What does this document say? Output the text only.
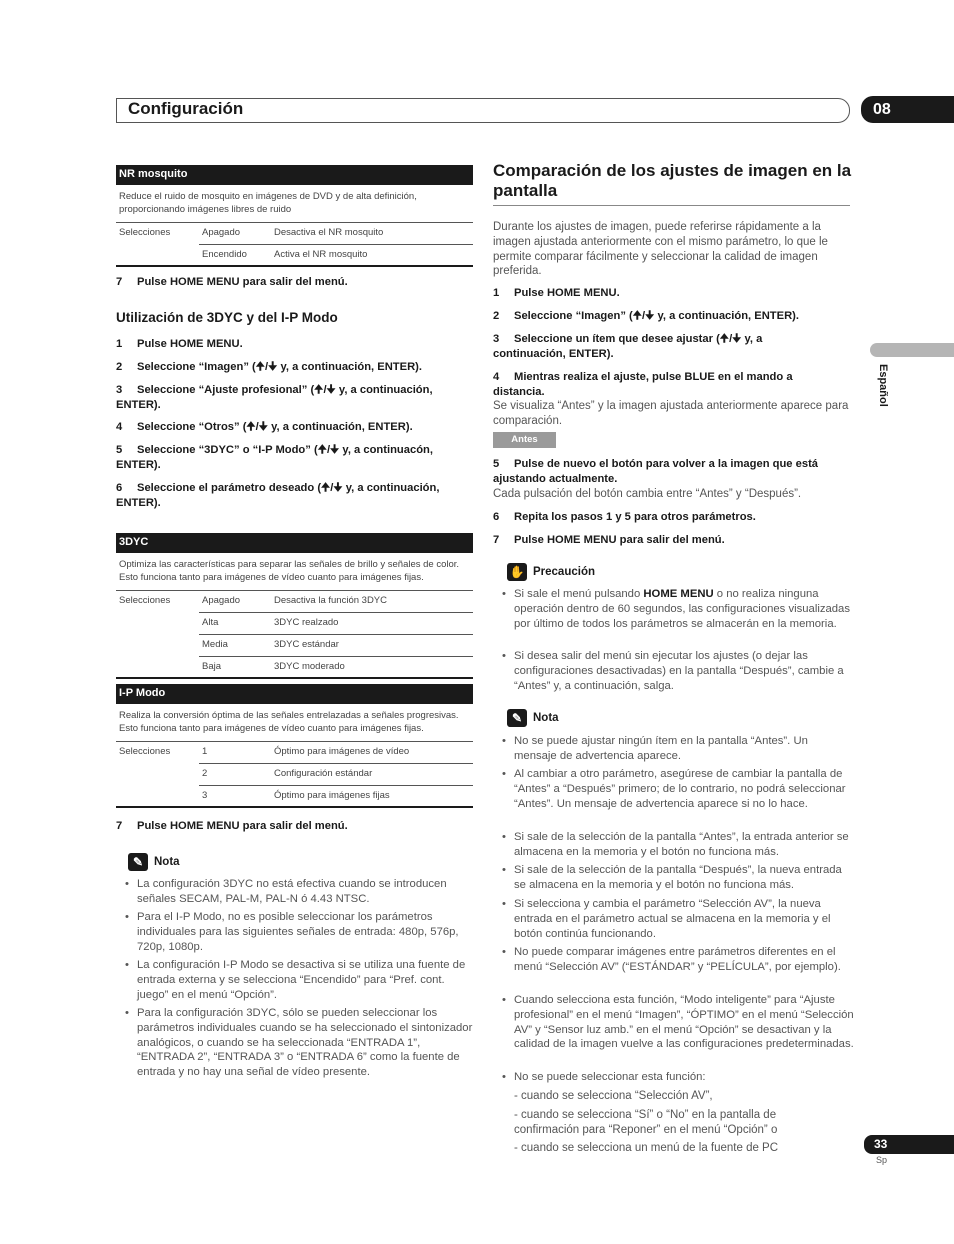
Configuración	08
Español
NR mosquito
Reduce el ruido de mosquito en imágenes de DVD y de alta definición, proporcionando imágenes libres de ruido
Selecciones	Apagado	Desactiva el NR mosquito
Encendido	Activa el NR mosquito
7 Pulse HOME MENU para salir del menú.
Utilización de 3DYC y del I-P Modo
1 Pulse HOME MENU.
2 Seleccione “Imagen” (🠉/🠋 y, a continuación, ENTER).
3 Seleccione “Ajuste profesional” (🠉/🠋 y, a continuación, ENTER).
4 Seleccione “Otros” (🠉/🠋 y, a continuación, ENTER).
5 Seleccione “3DYC” o “I-P Modo” (🠉/🠋 y, a continuacón, ENTER).
6 Seleccione el parámetro deseado (🠉/🠋 y, a continuación, ENTER).
3DYC
Optimiza las características para separar las señales de brillo y señales de color. Esto funciona tanto para imágenes de vídeo cuanto para imágenes fijas.
Selecciones	Apagado	Desactiva la función 3DYC
Alta	3DYC realzado
Media	3DYC estándar
Baja	3DYC moderado
I-P Modo
Realiza la conversión óptima de las señales entrelazadas a señales progresivas. Esto funciona tanto para imágenes de vídeo cuanto para imágenes fijas.
Selecciones	1	Óptimo para imágenes de vídeo
2	Configuración estándar
3	Óptimo para imágenes fijas
7 Pulse HOME MENU para salir del menú.
✎ Nota
• La configuración 3DYC no está efectiva cuando se introducen señales SECAM, PAL-M, PAL-N ó 4.43 NTSC.
• Para el I-P Modo, no es posible seleccionar los parámetros individuales para las siguientes señales de entrada: 480p, 576p, 720p, 1080p.
• La configuración I-P Modo se desactiva si se utiliza una fuente de entrada externa y se selecciona “Encendido” para “Pref. cont. juego” en el menú “Opción”.
• Para la configuración 3DYC, sólo se pueden seleccionar los parámetros individuales cuando se ha seleccionado el sintonizador analógicos, o cuando se ha seleccionada “ENTRADA 1”, “ENTRADA 2”, “ENTRADA 3” o “ENTRADA 6” como la fuente de entrada y no hay una señal de vídeo presente.
Comparación de los ajustes de imagen en la pantalla
Durante los ajustes de imagen, puede referirse rápidamente a la imagen ajustada anteriormente con el mismo parámetro, lo que le permite comparar fácilmente y seleccionar la calidad de imagen preferida.
1 Pulse HOME MENU.
2 Seleccione “Imagen” (🠉/🠋 y, a continuación, ENTER).
3 Seleccione un ítem que desee ajustar (🠉/🠋 y, a continuación, ENTER).
4 Mientras realiza el ajuste, pulse BLUE en el mando a distancia.
Se visualiza “Antes” y la imagen ajustada anteriormente aparece para comparación.
Antes
5 Pulse de nuevo el botón para volver a la imagen que está ajustando actualmente.
Cada pulsación del botón cambia entre “Antes” y “Después”.
6 Repita los pasos 1 y 5 para otros parámetros.
7 Pulse HOME MENU para salir del menú.
✋ Precaución
• Si sale el menú pulsando HOME MENU o no realiza ninguna operación dentro de 60 segundos, las configuraciones visualizadas por último de todos los parámetros se almacerán en la memoria.
• Si desea salir del menú sin ejecutar los ajustes (o dejar las configuraciones desactivadas) en la pantalla “Después”, cambie a “Antes” y, a continuación, salga.
✎ Nota
• No se puede ajustar ningún ítem en la pantalla “Antes”. Un mensaje de advertencia aparece.
• Al cambiar a otro parámetro, asegúrese de cambiar la pantalla de “Antes” a “Después” primero; de lo contrario, no podrá seleccionar “Antes”. Un mensaje de advertencia aparece si no lo hace.
• Si sale de la selección de la pantalla “Antes”, la entrada anterior se almacena en la memoria y el botón no funciona más.
• Si sale de la selección de la pantalla “Después”, la nueva entrada se almacena en la memoria y el botón no funciona más.
• Si selecciona y cambia el parámetro “Selección AV”, la nueva entrada en el parámetro actual se almacena en la memoria y el botón continúa funcionando.
• No puede comparar imágenes entre parámetros diferentes en el menú “Selección AV” (“ESTÁNDAR” y “PELÍCULA”, por ejemplo).
• Cuando selecciona esta función, “Modo inteligente” para “Ajuste profesional” en el menú “Imagen”, “ÓPTIMO” en el menú “Selección AV” y “Sensor luz amb.” en el menú “Opción” se desactivan y la calidad de la imagen vuelve a las configuraciones predeterminadas.
• No se puede seleccionar esta función:
- cuando se selecciona “Selección AV”,
- cuando se selecciona “Sí” o “No” en la pantalla de confirmación para “Reponer” en el menú “Opción” o
- cuando se selecciona un menú de la fuente de PC	33
Sp
